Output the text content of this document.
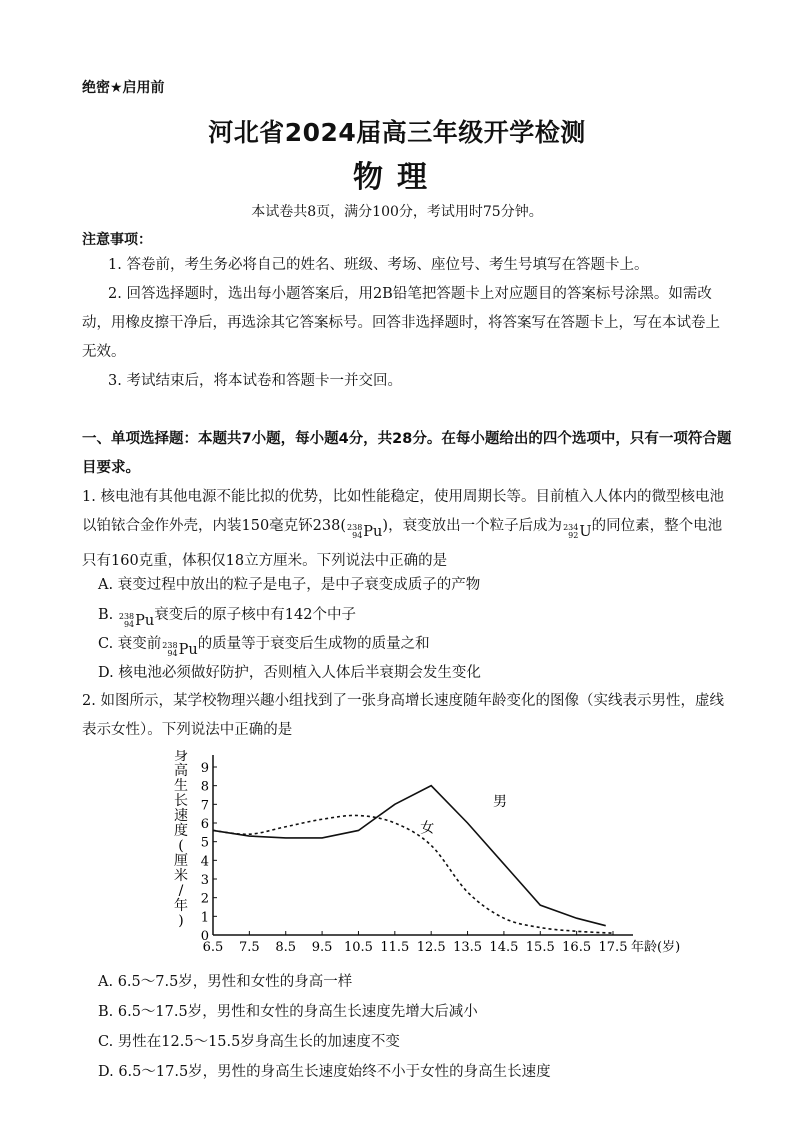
绝密★启用前
河北省2024届高三年级开学检测
物理
本试卷共8页，满分100分，考试用时75分钟。
注意事项：

1. 答卷前，考生务必将自己的姓名、班级、考场、座位号、考生号填写在答题卡上。

2. 回答选择题时，选出每小题答案后，用2B铅笔把答题卡上对应题目的答案标号涂黑。如需改动，用橡皮擦干净后，再选涂其它答案标号。回答非选择题时，将答案写在答题卡上，写在本试卷上无效。

3. 考试结束后，将本试卷和答题卡一并交回。

一、单项选择题：本题共7小题，每小题4分，共28分。在每小题给出的四个选项中，只有一项符合题目要求。

1. 核电池有其他电源不能比拟的优势，比如性能稳定，使用周期长等。目前植入人体内的微型核电池以铂铱合金作外壳，内装150毫克钚238( 238
94 Pu )，衰变放出一个粒子后成为 234
92 U 的同位素，整个电池只有160克重，体积仅18立方厘米。下列说法中正确的是

A. 衰变过程中放出的粒子是电子，是中子衰变成质子的产物
B. 238
94 Pu 衰变后的原子核中有142个中子
C. 衰变前 238
94 Pu 的质量等于衰变后生成物的质量之和
D. 核电池必须做好防护，否则植入人体后半衰期会发生变化

2. 如图所示，某学校物理兴趣小组找到了一张身高增长速度随年龄变化的图像（实线表示男性，虚线表示女性）。下列说法中正确的是

6.5 7.5 8.5 9.5 10.5 11.5 12.5 13.5 14.5 15.5 16.5 17.5 年龄(岁)
0
1
2
3
4
5
6
7
8
9
身高生长速度(厘米/年)
男
女
A. 6.5～7.5岁，男性和女性的身高一样
B. 6.5～17.5岁，男性和女性的身高生长速度先增大后减小
C. 男性在12.5～15.5岁身高生长的加速度不变
D. 6.5～17.5岁，男性的身高生长速度始终不小于女性的身高生长速度
